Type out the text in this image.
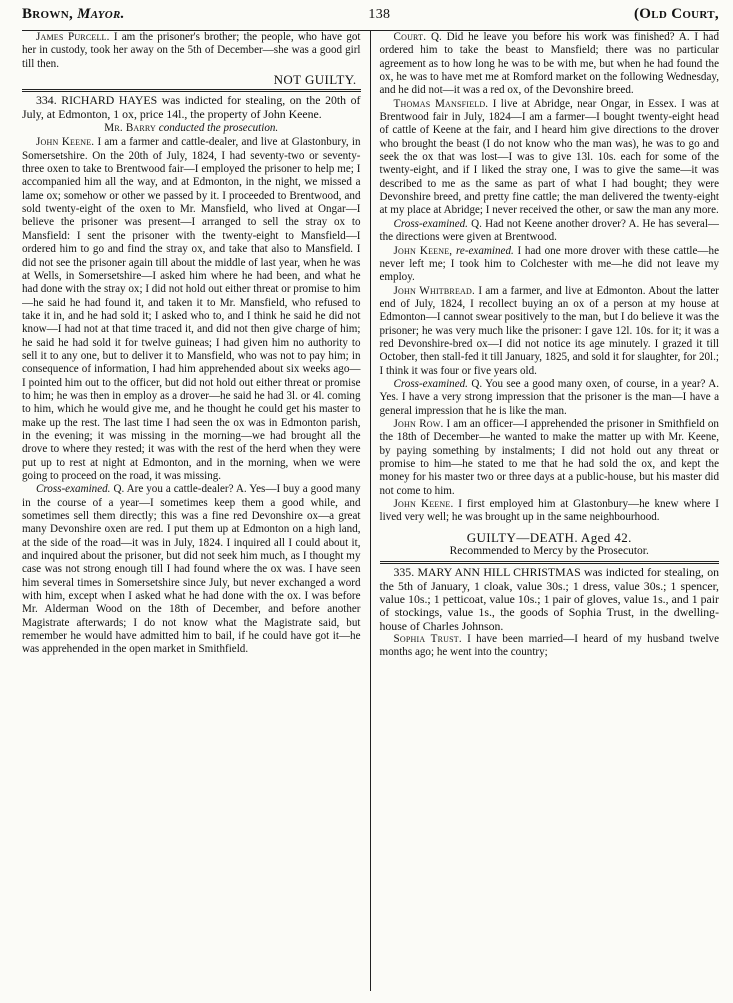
Brown, Mayor.	138	(Old Court,

James Purcell. I am the prisoner's brother; the people, who have got her in custody, took her away on the 5th of December—she was a good girl till then.

NOT GUILTY.

334. RICHARD HAYES was indicted for stealing, on the 20th of July, at Edmonton, 1 ox, price 14l., the property of John Keene.

Mr. Barry conducted the prosecution.

John Keene. I am a farmer and cattle-dealer, and live at Glastonbury, in Somersetshire. On the 20th of July, 1824, I had seventy-two or seventy-three oxen to take to Brentwood fair—I employed the prisoner to help me; I accompanied him all the way, and at Edmonton, in the night, we missed a lame ox; somehow or other we passed by it. I proceeded to Brentwood, and sold twenty-eight of the oxen to Mr. Mansfield, who lived at Ongar—I believe the prisoner was present—I arranged to sell the stray ox to Mansfield: I sent the prisoner with the twenty-eight to Mansfield—I ordered him to go and find the stray ox, and take that also to Mansfield. I did not see the prisoner again till about the middle of last year, when he was at Wells, in Somersetshire—I asked him where he had been, and what he had done with the stray ox; I did not hold out either threat or promise to him—he said he had found it, and taken it to Mr. Mansfield, who refused to take it in, and he had sold it; I asked who to, and I think he said he did not know—I had not at that time traced it, and did not then give charge of him; he said he had sold it for twelve guineas; I had given him no authority to sell it to any one, but to deliver it to Mansfield, who was not to pay him; in consequence of information, I had him apprehended about six weeks ago—I pointed him out to the officer, but did not hold out either threat or promise to him; he was then in employ as a drover—he said he had 3l. or 4l. coming to him, which he would give me, and he thought he could get his master to make up the rest. The last time I had seen the ox was in Edmonton parish, in the evening; it was missing in the morning—we had brought all the drove to where they rested; it was with the rest of the herd when they were put up to rest at night at Edmonton, and in the morning, when we were going to proceed on the road, it was missing.

Cross-examined. Q. Are you a cattle-dealer? A. Yes—I buy a good many in the course of a year—I sometimes keep them a good while, and sometimes sell them directly; this was a fine red Devonshire ox—a great many Devonshire oxen are red. I put them up at Edmonton on a high land, at the side of the road—it was in July, 1824. I inquired all I could about it, and inquired about the prisoner, but did not seek him much, as I thought my case was not strong enough till I had found where the ox was. I have seen him several times in Somersetshire since July, but never exchanged a word with him, except when I asked what he had done with the ox. I was before Mr. Alderman Wood on the 18th of December, and before another Magistrate afterwards; I do not know what the Magistrate said, but remember he would have admitted him to bail, if he could have got it—he was apprehended in the open market in Smithfield.

Court. Q. Did he leave you before his work was finished? A. I had ordered him to take the beast to Mansfield; there was no particular agreement as to how long he was to be with me, but when he had found the ox, he was to have met me at Romford market on the following Wednesday, and he did not—it was a red ox, of the Devonshire breed.

Thomas Mansfield. I live at Abridge, near Ongar, in Essex. I was at Brentwood fair in July, 1824—I am a farmer—I bought twenty-eight head of cattle of Keene at the fair, and I heard him give directions to the drover who brought the beast (I do not know who the man was), he was to go and seek the ox that was lost—I was to give 13l. 10s. each for some of the twenty-eight, and if I liked the stray one, I was to give the same—it was described to me as the same as part of what I had bought; they were Devonshire breed, and pretty fine cattle; the man delivered the twenty-eight at my place at Abridge; I never received the other, or saw the man any more.

Cross-examined. Q. Had not Keene another drover? A. He has several—the directions were given at Brentwood.

John Keene, re-examined. I had one more drover with these cattle—he never left me; I took him to Colchester with me—he did not leave my employ.

John Whitbread. I am a farmer, and live at Edmonton. About the latter end of July, 1824, I recollect buying an ox of a person at my house at Edmonton—I cannot swear positively to the man, but I do believe it was the prisoner; he was very much like the prisoner: I gave 12l. 10s. for it; it was a red Devonshire-bred ox—I did not notice its age minutely. I grazed it till October, then stall-fed it till January, 1825, and sold it for slaughter, for 20l.; I think it was four or five years old.

Cross-examined. Q. You see a good many oxen, of course, in a year? A. Yes. I have a very strong impression that the prisoner is the man—I have a general impression that he is like the man.

John Row. I am an officer—I apprehended the prisoner in Smithfield on the 18th of December—he wanted to make the matter up with Mr. Keene, by paying something by instalments; I did not hold out any threat or promise to him—he stated to me that he had sold the ox, and kept the money for his master two or three days at a public-house, but his master did not come to him.

John Keene. I first employed him at Glastonbury—he knew where I lived very well; he was brought up in the same neighbourhood.

GUILTY—DEATH. Aged 42.

Recommended to Mercy by the Prosecutor.

335. MARY ANN HILL CHRISTMAS was indicted for stealing, on the 5th of January, 1 cloak, value 30s.; 1 dress, value 30s.; 1 spencer, value 10s.; 1 petticoat, value 10s.; 1 pair of gloves, value 1s., and 1 pair of stockings, value 1s., the goods of Sophia Trust, in the dwelling-house of Charles Johnson.

Sophia Trust. I have been married—I heard of my husband twelve months ago; he went into the country;
